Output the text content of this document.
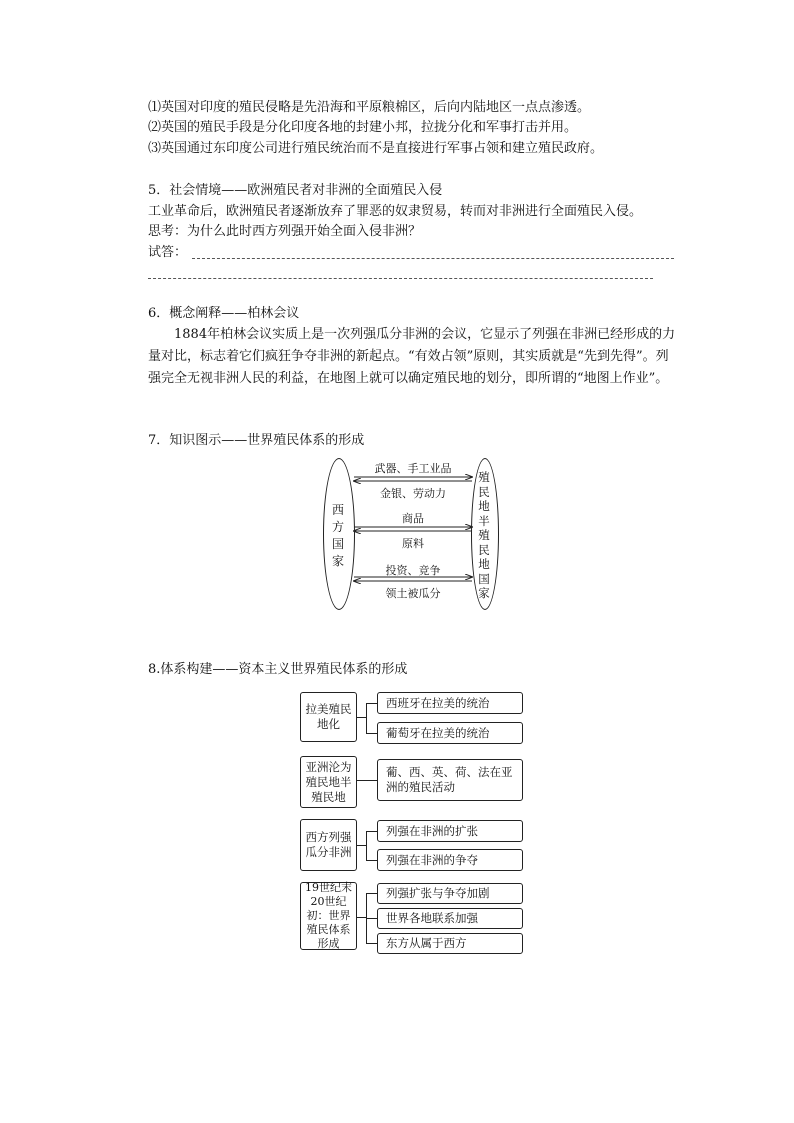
⑴英国对印度的殖民侵略是先沿海和平原粮棉区，后向内陆地区一点点渗透。
⑵英国的殖民手段是分化印度各地的封建小邦，拉拢分化和军事打击并用。
⑶英国通过东印度公司进行殖民统治而不是直接进行军事占领和建立殖民政府。
5．社会情境——欧洲殖民者对非洲的全面殖民入侵
工业革命后，欧洲殖民者逐渐放弃了罪恶的奴隶贸易，转而对非洲进行全面殖民入侵。
思考：为什么此时西方列强开始全面入侵非洲？
试答：
6．概念阐释——柏林会议
1884年柏林会议实质上是一次列强瓜分非洲的会议，它显示了列强在非洲已经形成的力量对比，标志着它们疯狂争夺非洲的新起点。“有效占领”原则，其实质就是“先到先得”。列强完全无视非洲人民的利益，在地图上就可以确定殖民地的划分，即所谓的“地图上作业”。
7．知识图示——世界殖民体系的形成
西方国家
殖民地半殖民地国家
武器、手工业品
金银、劳动力
商品
原料
投资、竞争
领土被瓜分
8.体系构建——资本主义世界殖民体系的形成
拉美殖民地化
西班牙在拉美的统治
葡萄牙在拉美的统治
亚洲沦为殖民地半殖民地
葡、西、英、荷、法在亚洲的殖民活动
西方列强瓜分非洲
列强在非洲的扩张
列强在非洲的争夺
19世纪末20世纪初：世界殖民体系形成
列强扩张与争夺加剧
世界各地联系加强
东方从属于西方
